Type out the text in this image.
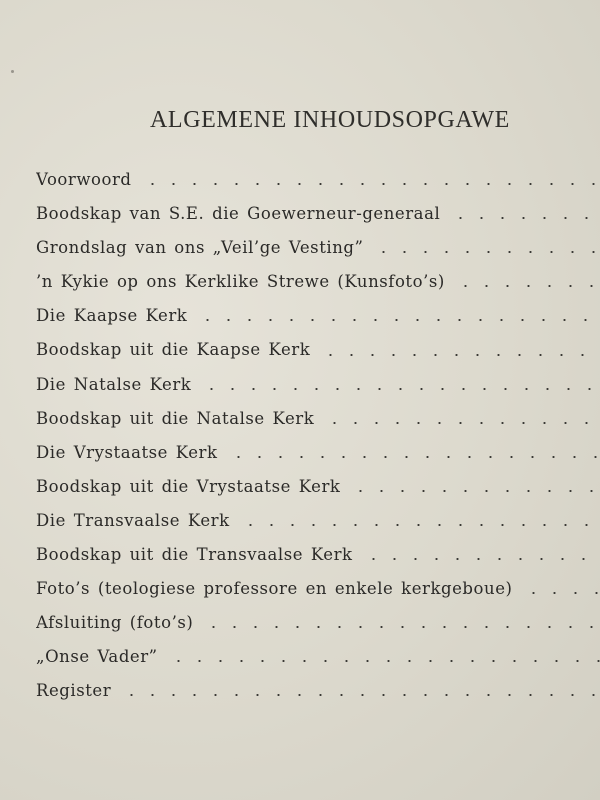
ALGEMENE INHOUDSOPGAWE
Voorwoord
Boodskap van S.E. die Goewerneur-generaal
Grondslag van ons „Veil’ge Vesting”
’n Kykie op ons Kerklike Strewe (Kunsfoto’s)
Die Kaapse Kerk
Boodskap uit die Kaapse Kerk
Die Natalse Kerk
Boodskap uit die Natalse Kerk
Die Vrystaatse Kerk
Boodskap uit die Vrystaatse Kerk
Die Transvaalse Kerk
Boodskap uit die Transvaalse Kerk
Foto’s (teologiese professore en enkele kerkgeboue)
Afsluiting (foto’s)
„Onse Vader”
Register
